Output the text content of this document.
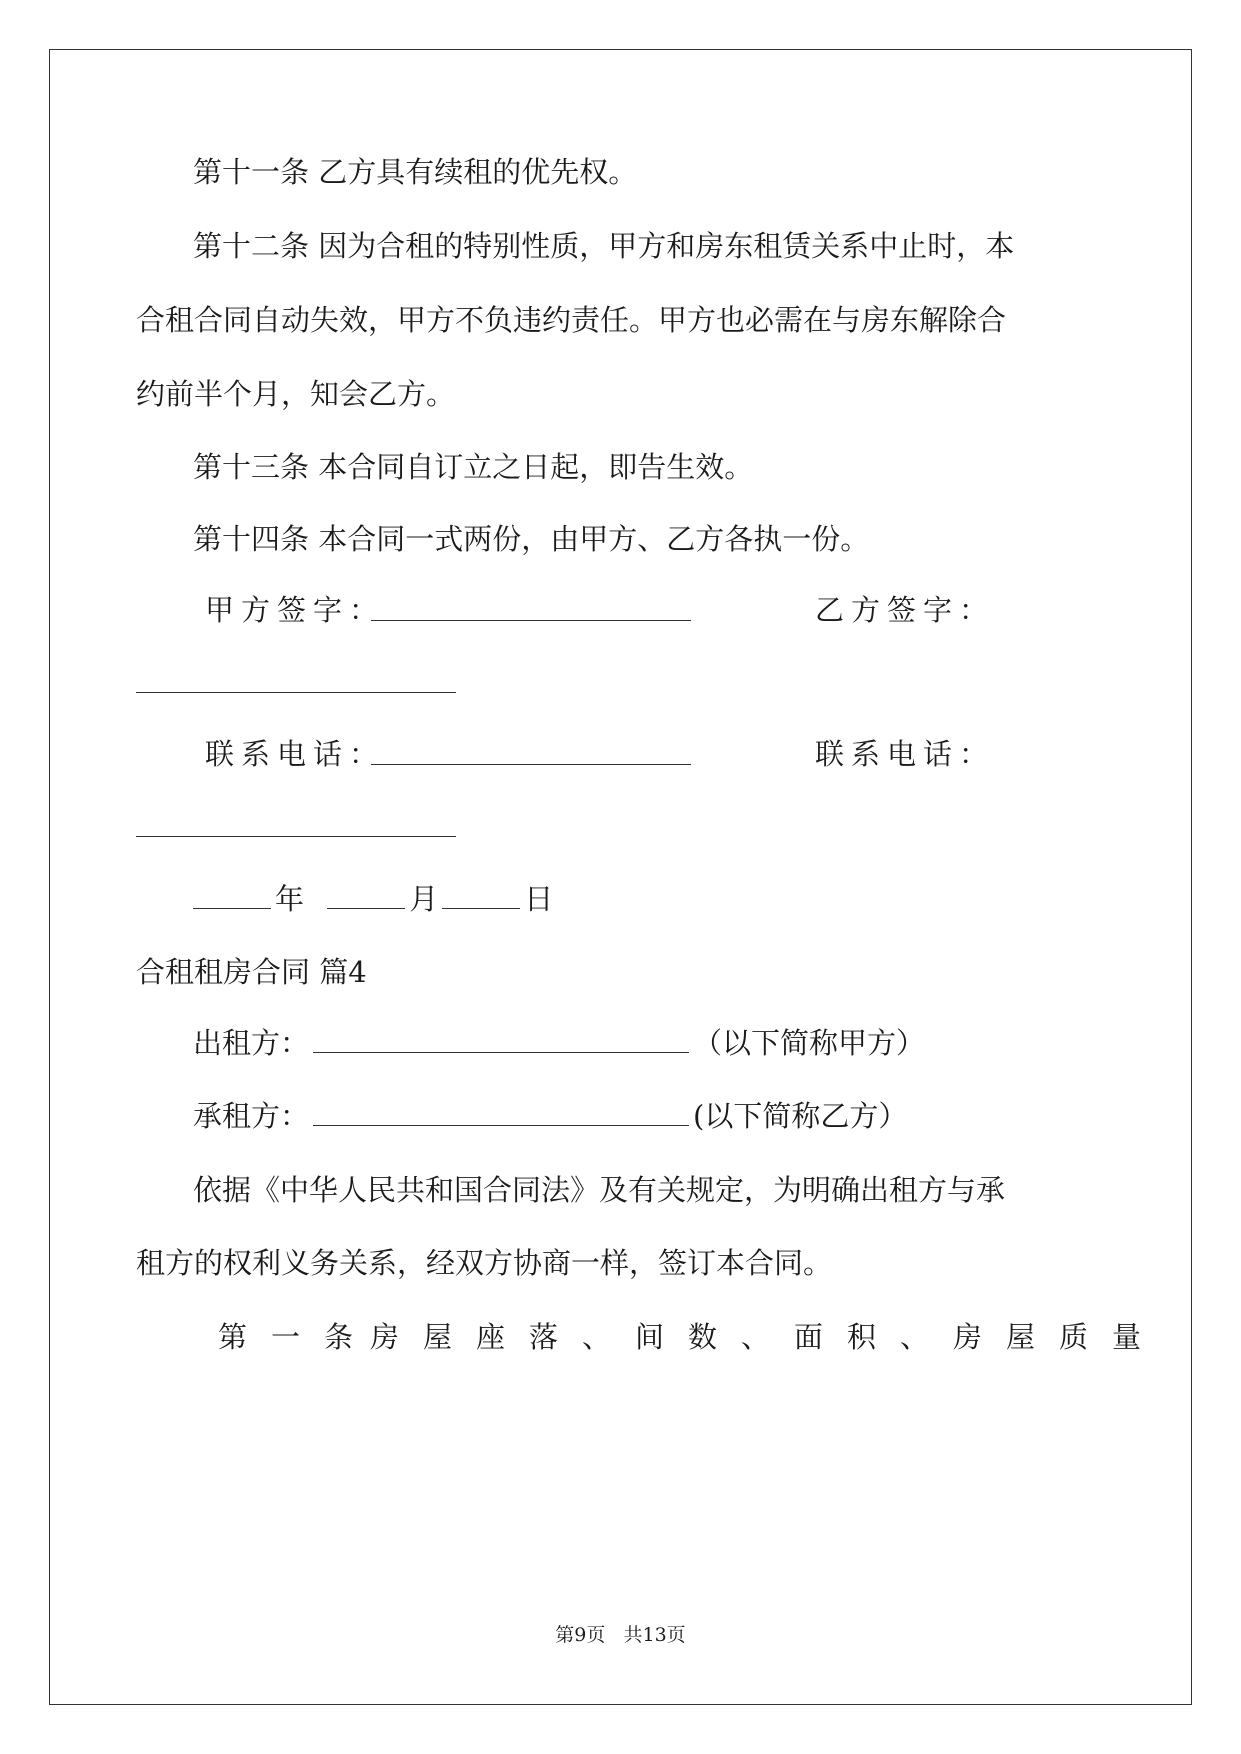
第十一条 乙方具有续租的优先权。
第十二条 因为合租的特别性质，甲方和房东租赁关系中止时，本
合租合同自动失效，甲方不负违约责任。甲方也必需在与房东解除合
约前半个月，知会乙方。
第十三条 本合同自订立之日起，即告生效。
第十四条 本合同一式两份，由甲方、乙方各执一份。
甲方签字：	乙方签字：
联系电话：	联系电话：
年	月	日
合租租房合同 篇4
出租方：	（以下简称甲方）
承租方：	(以下简称乙方）
依据《中华人民共和国合同法》及有关规定，为明确出租方与承
租方的权利义务关系，经双方协商一样，签订本合同。
第一条
房屋座落、间数、面积、房屋质量
第9页   共13页
